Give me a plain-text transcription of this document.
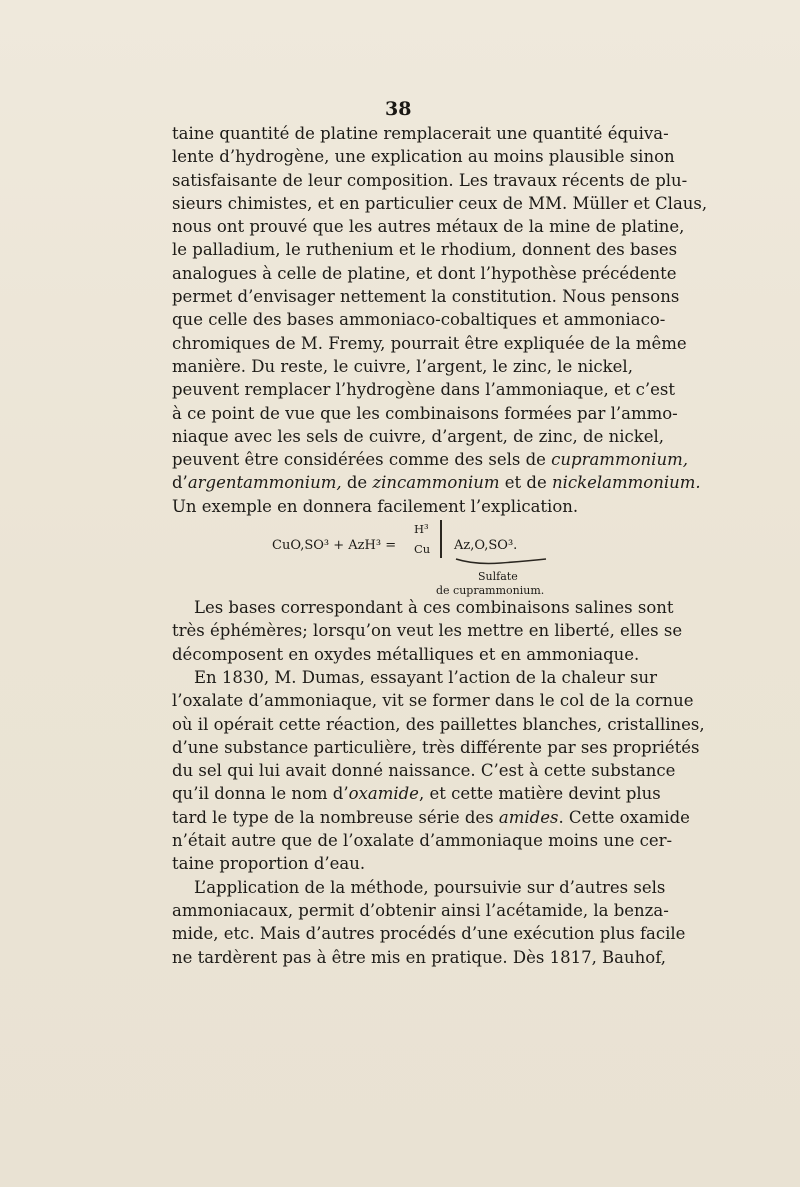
38
taine quantité de platine remplacerait une quantité équiva-
lente d’hydrogène, une explication au moins plausible sinon
satisfaisante de leur composition. Les travaux récents de plu-
sieurs chimistes, et en particulier ceux de MM. Müller et Claus,
nous ont prouvé que les autres métaux de la mine de platine,
le palladium, le ruthenium et le rhodium, donnent des bases
analogues à celle de platine, et dont l’hypothèse précédente
permet d’envisager nettement la constitution. Nous pensons
que celle des bases ammoniaco-cobaltiques et ammoniaco-
chromiques de M. Fremy, pourrait être expliquée de la même
manière. Du reste, le cuivre, l’argent, le zinc, le nickel,
peuvent remplacer l’hydrogène dans l’ammoniaque, et c’est
à ce point de vue que les combinaisons formées par l’ammo-
niaque avec les sels de cuivre, d’argent, de zinc, de nickel,
peuvent être considérées comme des sels de cuprammonium,
d’argentammonium, de zincammonium et de nickelammonium.
Un exemple en donnera facilement l’explication.
CuO,SO³ + AzH³ =
H³
Cu Az,O,SO³.
Sulfate
de cuprammonium.
Les bases correspondant à ces combinaisons salines sont
très éphémères; lorsqu’on veut les mettre en liberté, elles se
décomposent en oxydes métalliques et en ammoniaque.
En 1830, M. Dumas, essayant l’action de la chaleur sur
l’oxalate d’ammoniaque, vit se former dans le col de la cornue
où il opérait cette réaction, des paillettes blanches, cristallines,
d’une substance particulière, très différente par ses propriétés
du sel qui lui avait donné naissance. C’est à cette substance
qu’il donna le nom d’oxamide, et cette matière devint plus
tard le type de la nombreuse série des amides. Cette oxamide
n’était autre que de l’oxalate d’ammoniaque moins une cer-
taine proportion d’eau.
L’application de la méthode, poursuivie sur d’autres sels
ammoniacaux, permit d’obtenir ainsi l’acétamide, la benza-
mide, etc. Mais d’autres procédés d’une exécution plus facile
ne tardèrent pas à être mis en pratique. Dès 1817, Bauhof,
